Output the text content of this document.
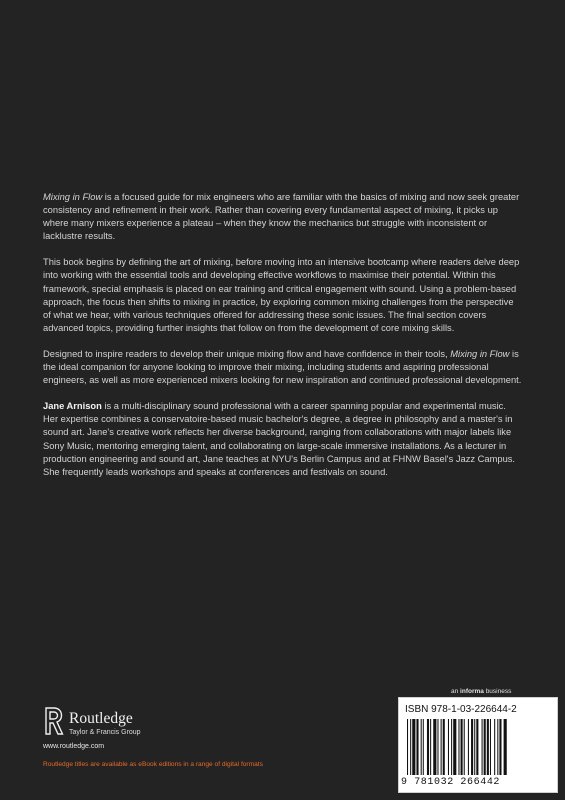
Mixing in Flow is a focused guide for mix engineers who are familiar with the basics of mixing and now seek greater consistency and refinement in their work. Rather than covering every fundamental aspect of mixing, it picks up where many mixers experience a plateau – when they know the mechanics but struggle with inconsistent or lacklustre results.

This book begins by defining the art of mixing, before moving into an intensive bootcamp where readers delve deep into working with the essential tools and developing effective workflows to maximise their potential. Within this framework, special emphasis is placed on ear training and critical engagement with sound. Using a problem-based approach, the focus then shifts to mixing in practice, by exploring common mixing challenges from the perspective of what we hear, with various techniques offered for addressing these sonic issues. The final section covers advanced topics, providing further insights that follow on from the development of core mixing skills.

Designed to inspire readers to develop their unique mixing flow and have confidence in their tools, Mixing in Flow is the ideal companion for anyone looking to improve their mixing, including students and aspiring professional engineers, as well as more experienced mixers looking for new inspiration and continued professional development.

Jane Arnison is a multi-disciplinary sound professional with a career spanning popular and experimental music. Her expertise combines a conservatoire-based music bachelor's degree, a degree in philosophy and a master's in sound art. Jane's creative work reflects her diverse background, ranging from collaborations with major labels like Sony Music, mentoring emerging talent, and collaborating on large-scale immersive installations. As a lecturer in production engineering and sound art, Jane teaches at NYU's Berlin Campus and at FHNW Basel's Jazz Campus. She frequently leads workshops and speaks at conferences and festivals on sound.

an informa business
Routledge
Taylor & Francis Group
www.routledge.com
Routledge titles are available as eBook editions in a range of digital formats
ISBN 978-1-03-226644-2
9 781032 266442
